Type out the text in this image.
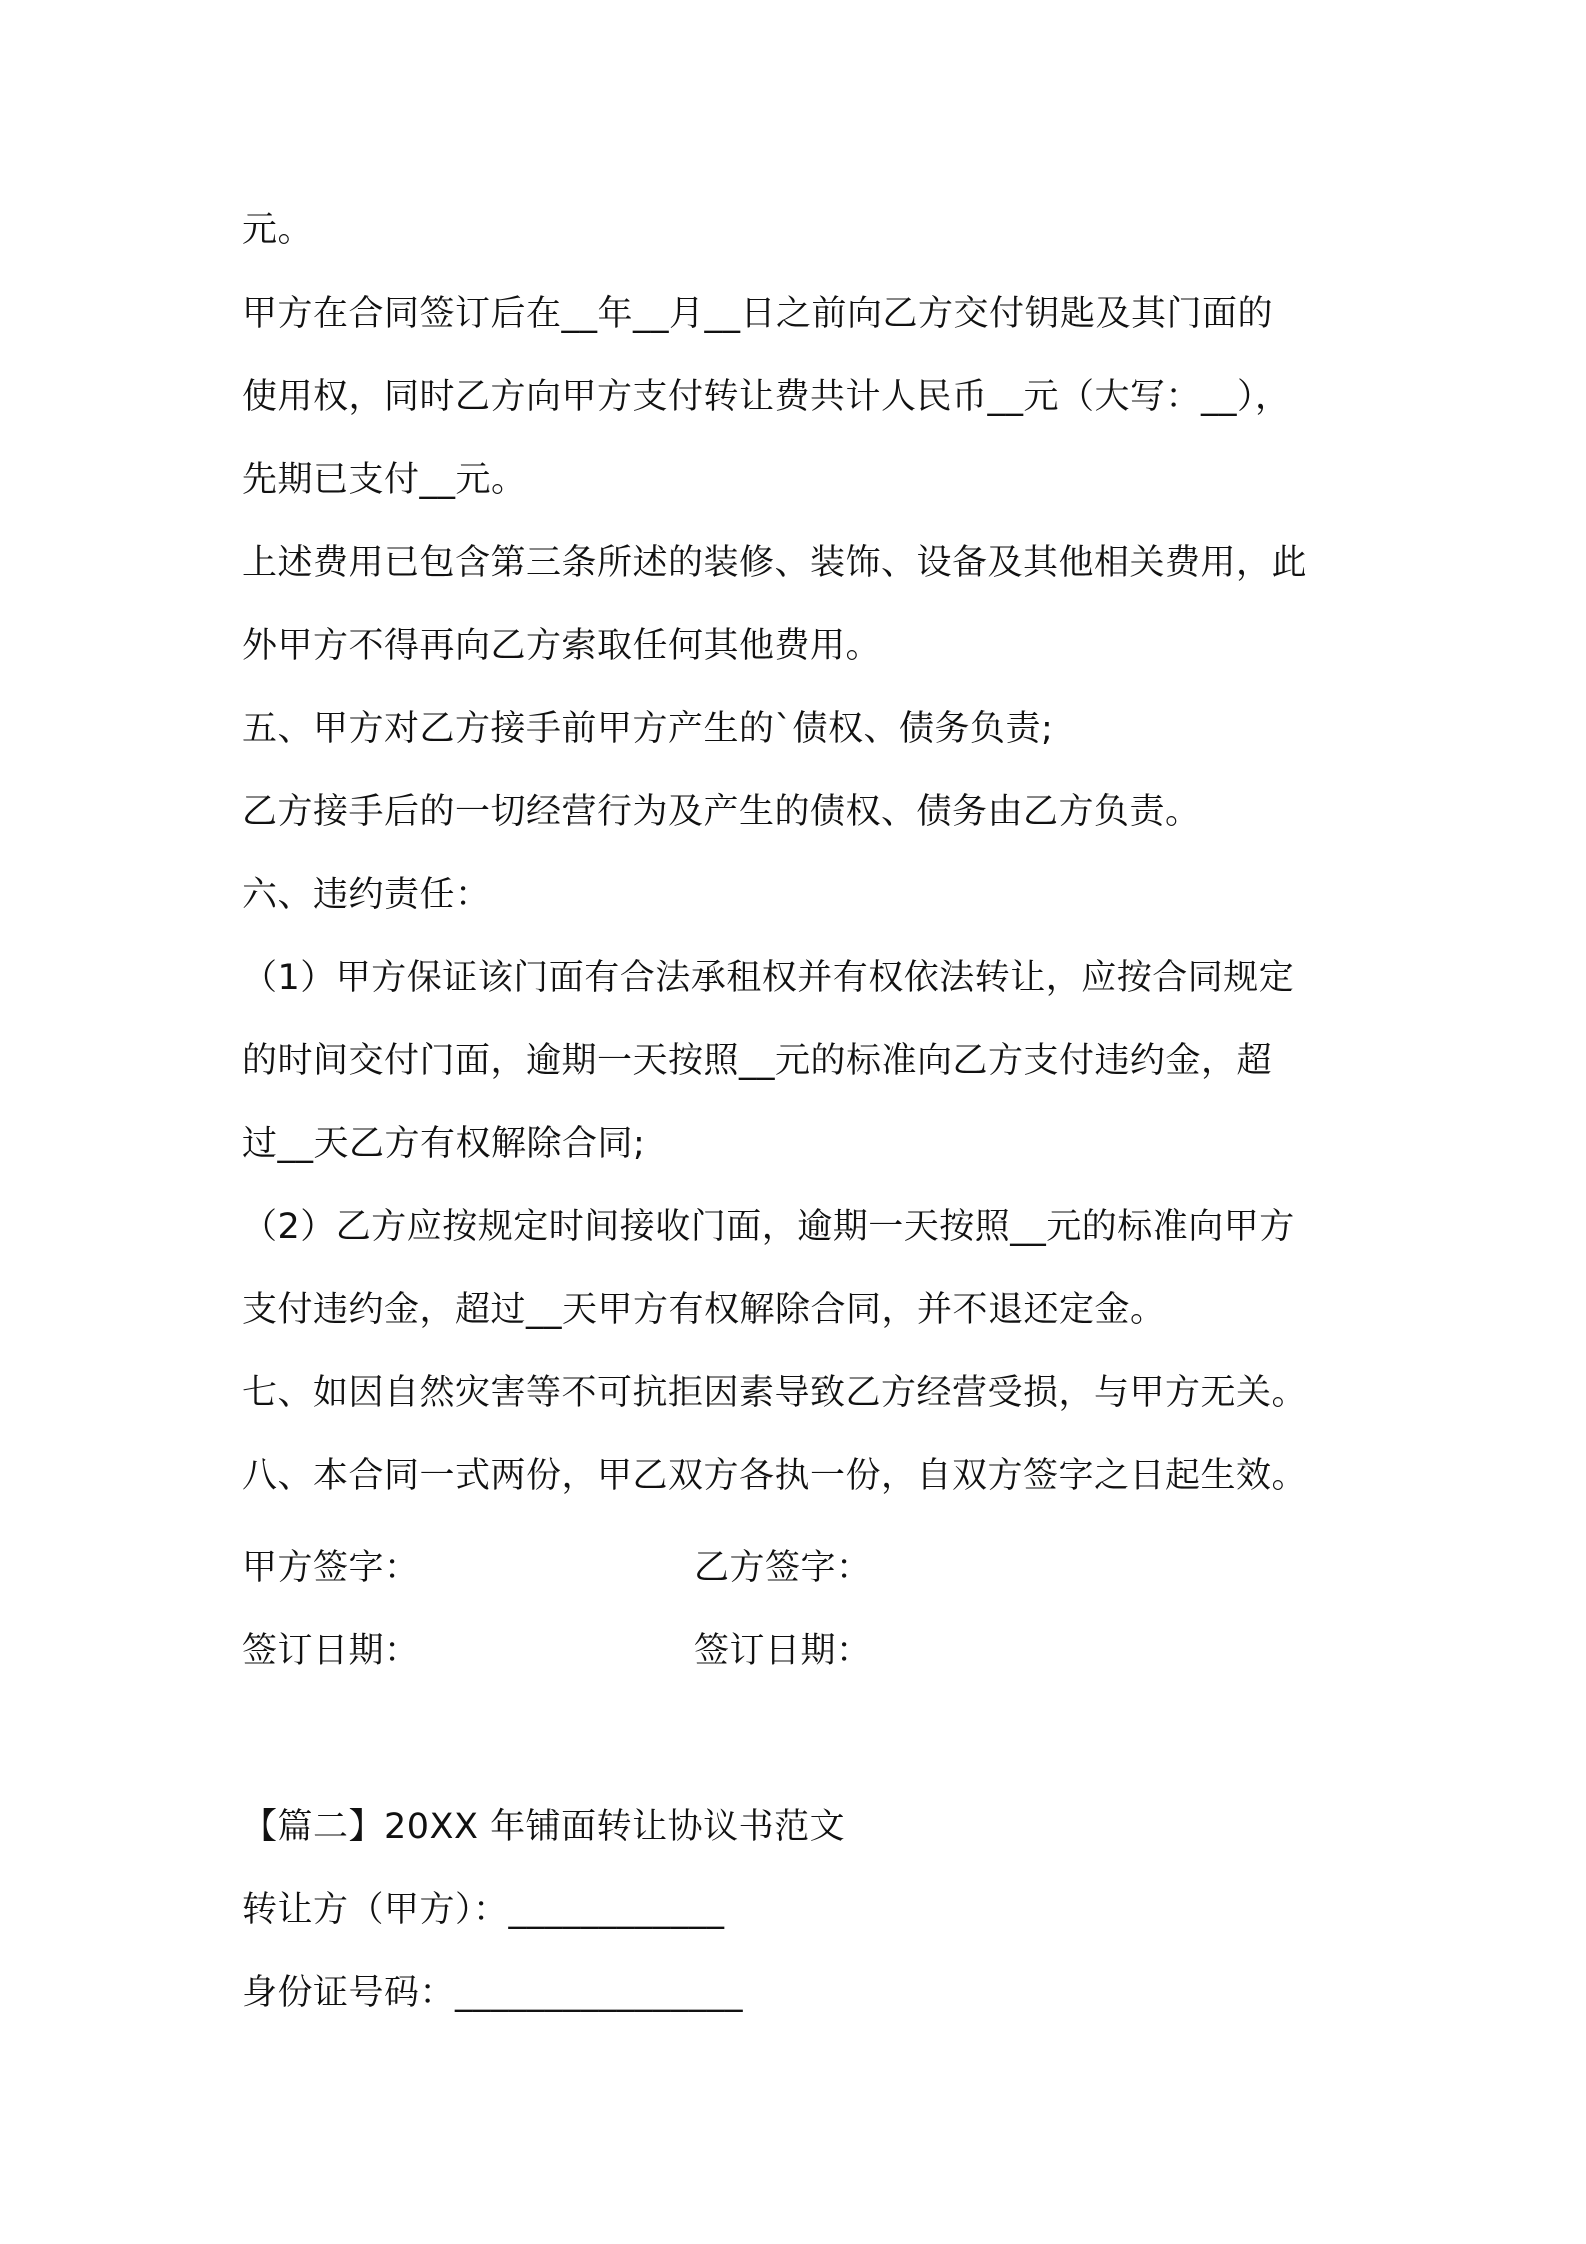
元。
甲方在合同签订后在__年__月__日之前向乙方交付钥匙及其门面的
使用权，同时乙方向甲方支付转让费共计人民币__元（大写：__），
先期已支付__元。
上述费用已包含第三条所述的装修、装饰、设备及其他相关费用，此
外甲方不得再向乙方索取任何其他费用。
五、甲方对乙方接手前甲方产生的`债权、债务负责;
乙方接手后的一切经营行为及产生的债权、债务由乙方负责。
六、违约责任：
（1）甲方保证该门面有合法承租权并有权依法转让，应按合同规定
的时间交付门面，逾期一天按照__元的标准向乙方支付违约金，超
过__天乙方有权解除合同;
（2）乙方应按规定时间接收门面，逾期一天按照__元的标准向甲方
支付违约金，超过__天甲方有权解除合同，并不退还定金。
七、如因自然灾害等不可抗拒因素导致乙方经营受损，与甲方无关。
八、本合同一式两份，甲乙双方各执一份，自双方签字之日起生效。
甲方签字：	乙方签字：
签订日期：	签订日期：
【篇二】20XX 年铺面转让协议书范文
转让方（甲方）：____________
身份证号码：________________
